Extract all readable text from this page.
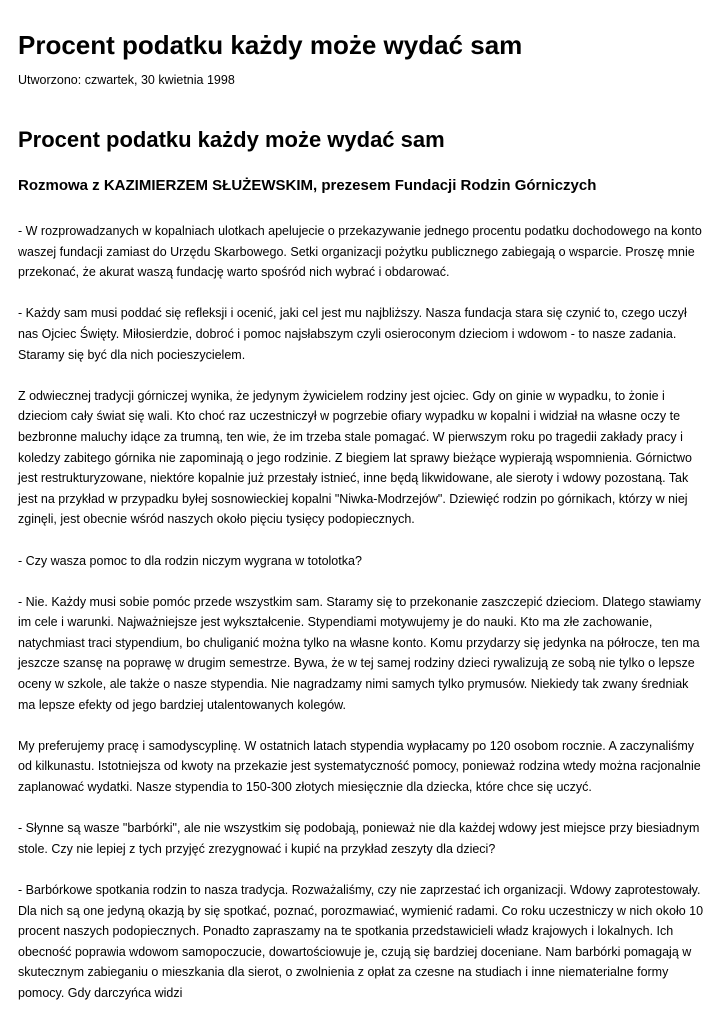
Procent podatku każdy może wydać sam

Utworzono: czwartek, 30 kwietnia 1998

Procent podatku każdy może wydać sam
Rozmowa z KAZIMIERZEM SŁUŻEWSKIM, prezesem Fundacji Rodzin Górniczych

- W rozprowadzanych w kopalniach ulotkach apelujecie o przekazywanie jednego procentu podatku dochodowego na konto waszej fundacji zamiast do Urzędu Skarbowego. Setki organizacji pożytku publicznego zabiegają o wsparcie. Proszę mnie przekonać, że akurat waszą fundację warto spośród nich wybrać i obdarować.

- Każdy sam musi poddać się refleksji i ocenić, jaki cel jest mu najbliższy. Nasza fundacja stara się czynić to, czego uczył nas Ojciec Święty. Miłosierdzie, dobroć i pomoc najsłabszym czyli osieroconym dzieciom i wdowom - to nasze zadania. Staramy się być dla nich pocieszycielem.

Z odwiecznej tradycji górniczej wynika, że jedynym żywicielem rodziny jest ojciec. Gdy on ginie w wypadku, to żonie i dzieciom cały świat się wali. Kto choć raz uczestniczył w pogrzebie ofiary wypadku w kopalni i widział na własne oczy te bezbronne maluchy idące za trumną, ten wie, że im trzeba stale pomagać. W pierwszym roku po tragedii zakłady pracy i koledzy zabitego górnika nie zapominają o jego rodzinie. Z biegiem lat sprawy bieżące wypierają wspomnienia. Górnictwo jest restrukturyzowane, niektóre kopalnie już przestały istnieć, inne będą likwidowane, ale sieroty i wdowy pozostaną. Tak jest na przykład w przypadku byłej sosnowieckiej kopalni "Niwka-Modrzejów". Dziewięć rodzin po górnikach, którzy w niej zginęli, jest obecnie wśród naszych około pięciu tysięcy podopiecznych.

- Czy wasza pomoc to dla rodzin niczym wygrana w totolotka?

- Nie. Każdy musi sobie pomóc przede wszystkim sam. Staramy się to przekonanie zaszczepić dzieciom. Dlatego stawiamy im cele i warunki. Najważniejsze jest wykształcenie. Stypendiami motywujemy je do nauki. Kto ma złe zachowanie, natychmiast traci stypendium, bo chuliganić można tylko na własne konto. Komu przydarzy się jedynka na półrocze, ten ma jeszcze szansę na poprawę w drugim semestrze. Bywa, że w tej samej rodziny dzieci rywalizują ze sobą nie tylko o lepsze oceny w szkole, ale także o nasze stypendia. Nie nagradzamy nimi samych tylko prymusów. Niekiedy tak zwany średniak ma lepsze efekty od jego bardziej utalentowanych kolegów.

My preferujemy pracę i samodyscyplinę. W ostatnich latach stypendia wypłacamy po 120 osobom rocznie. A zaczynaliśmy od kilkunastu. Istotniejsza od kwoty na przekazie jest systematyczność pomocy, ponieważ rodzina wtedy można racjonalnie zaplanować wydatki. Nasze stypendia to 150-300 złotych miesięcznie dla dziecka, które chce się uczyć.

- Słynne są wasze "barbórki", ale nie wszystkim się podobają, ponieważ nie dla każdej wdowy jest miejsce przy biesiadnym stole. Czy nie lepiej z tych przyjęć zrezygnować i kupić na przykład zeszyty dla dzieci?

- Barbórkowe spotkania rodzin to nasza tradycja. Rozważaliśmy, czy nie zaprzestać ich organizacji. Wdowy zaprotestowały. Dla nich są one jedyną okazją by się spotkać, poznać, porozmawiać, wymienić radami. Co roku uczestniczy w nich około 10 procent naszych podopiecznych. Ponadto zapraszamy na te spotkania przedstawicieli władz krajowych i lokalnych. Ich obecność poprawia wdowom samopoczucie, dowartościowuje je, czują się bardziej doceniane. Nam barbórki pomagają w skutecznym zabieganiu o mieszkania dla sierot, o zwolnienia z opłat za czesne na studiach i inne niematerialne formy pomocy. Gdy darczyńca widzi
